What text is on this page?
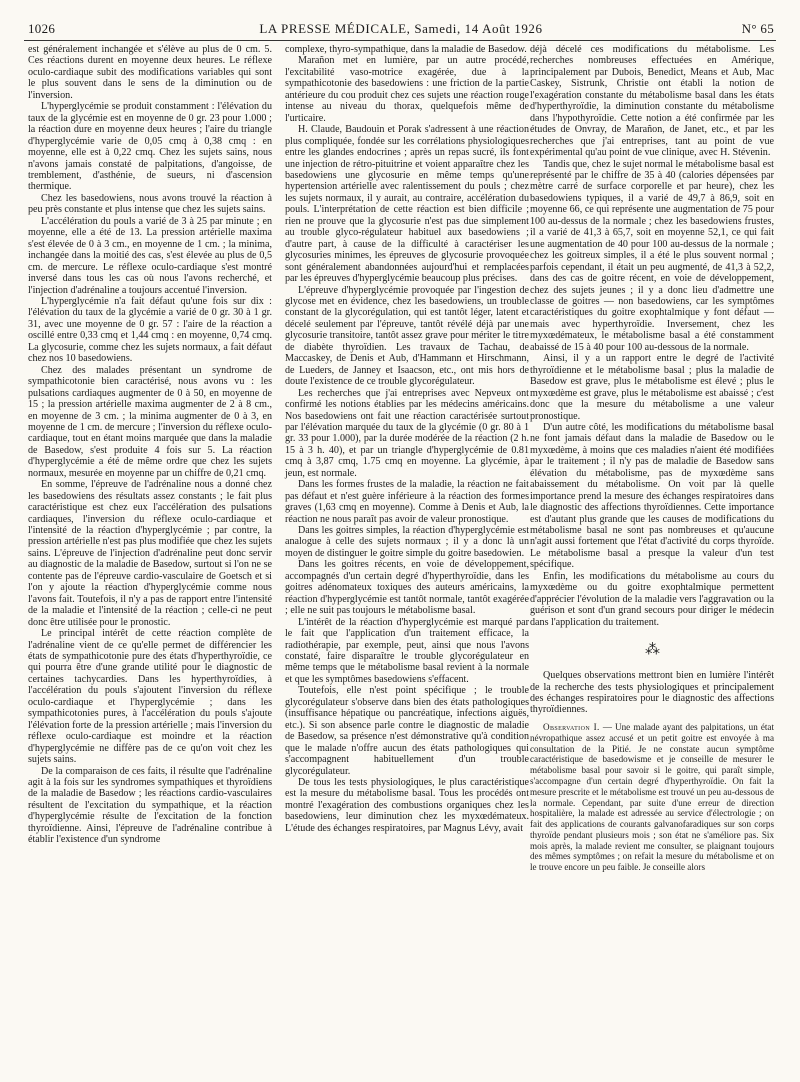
1026	LA PRESSE MÉDICALE, Samedi, 14 Août 1926	N° 65

est généralement inchangée et s'élève au plus de 0 cm. 5. Ces réactions durent en moyenne deux heures. Le réflexe oculo-cardiaque subit des modifications variables qui sont le plus souvent dans le sens de la diminution ou de l'inversion.

L'hyperglycémie se produit constamment : l'élévation du taux de la glycémie est en moyenne de 0 gr. 23 pour 1.000 ; la réaction dure en moyenne deux heures ; l'aire du triangle d'hyperglycémie varie de 0,05 cmq à 0,38 cmq : en moyenne, elle est à 0,22 cmq. Chez les sujets sains, nous n'avons jamais constaté de palpitations, d'angoisse, de tremblement, d'asthénie, de sueurs, ni d'ascension thermique.

Chez les basedowiens, nous avons trouvé la réaction à peu près constante et plus intense que chez les sujets sains.

L'accélération du pouls a varié de 3 à 25 par minute ; en moyenne, elle a été de 13. La pression artérielle maxima s'est élevée de 0 à 3 cm., en moyenne de 1 cm. ; la minima, inchangée dans la moitié des cas, s'est élevée au plus de 0,5 cm. de mercure. Le réflexe oculo-cardiaque s'est montré inversé dans tous les cas où nous l'avons recherché, et l'injection d'adrénaline a toujours accentué l'inversion.

L'hyperglycémie n'a fait défaut qu'une fois sur dix : l'élévation du taux de la glycémie a varié de 0 gr. 30 à 1 gr. 31, avec une moyenne de 0 gr. 57 : l'aire de la réaction a oscillé entre 0,33 cmq et 1,44 cmq : en moyenne, 0,74 cmq. La glycosurie, comme chez les sujets normaux, a fait défaut chez nos 10 basedowiens.

Chez des malades présentant un syndrome de sympathicotonie bien caractérisé, nous avons vu : les pulsations cardiaques augmenter de 0 à 50, en moyenne de 15 ; la pression artérielle maxima augmenter de 2 à 8 cm., en moyenne de 3 cm. ; la minima augmenter de 0 à 3, en moyenne de 1 cm. de mercure ; l'inversion du réflexe oculo-cardiaque, tout en étant moins marquée que dans la maladie de Basedow, s'est produite 4 fois sur 5. La réaction d'hyperglycémie a été de même ordre que chez les sujets normaux, mesurée en moyenne par un chiffre de 0,21 cmq.

En somme, l'épreuve de l'adrénaline nous a donné chez les basedowiens des résultats assez constants ; le fait plus caractéristique est chez eux l'accélération des pulsations cardiaques, l'inversion du réflexe oculo-cardiaque et l'intensité de la réaction d'hyperglycémie ; par contre, la pression artérielle n'est pas plus modifiée que chez les sujets sains. L'épreuve de l'injection d'adrénaline peut donc servir au diagnostic de la maladie de Basedow, surtout si l'on ne se contente pas de l'épreuve cardio-vasculaire de Goetsch et si l'on y ajoute la réaction d'hyperglycémie comme nous l'avons fait. Toutefois, il n'y a pas de rapport entre l'intensité de la maladie et l'intensité de la réaction ; celle-ci ne peut donc être utilisée pour le pronostic.

Le principal intérêt de cette réaction complète de l'adrénaline vient de ce qu'elle permet de différencier les états de sympathicotonie pure des états d'hyperthyroïdie, ce qui pourra être d'une grande utilité pour le diagnostic de certaines tachycardies. Dans les hyperthyroïdies, à l'accélération du pouls s'ajoutent l'inversion du réflexe oculo-cardiaque et l'hyperglycémie ; dans les sympathicotonies pures, à l'accélération du pouls s'ajoute l'élévation forte de la pression artérielle ; mais l'inversion du réflexe oculo-cardiaque est moindre et la réaction d'hyperglycémie ne diffère pas de ce qu'on voit chez les sujets sains.

De la comparaison de ces faits, il résulte que l'adrénaline agit à la fois sur les syndromes sympathiques et thyroïdiens de la maladie de Basedow ; les réactions cardio-vasculaires résultent de l'excitation du sympathique, et la réaction d'hyperglycémie résulte de l'excitation de la fonction thyroïdienne. Ainsi, l'épreuve de l'adrénaline contribue à établir l'existence d'un syndrome

complexe, thyro-sympathique, dans la maladie de Basedow.

Marañon met en lumière, par un autre procédé, l'excitabilité vaso-motrice exagérée, due à la sympathicotonie des basedowiens : une friction de la partie antérieure du cou produit chez ces sujets une réaction rouge intense au niveau du thorax, quelquefois même de l'urticaire.

H. Claude, Baudouin et Porak s'adressent à une réaction plus compliquée, fondée sur les corrélations physiologiques entre les glandes endocrines ; après un repas sucré, ils font une injection de rétro-pituitrine et voient apparaître chez les basedowiens une glycosurie en même temps qu'une hypertension artérielle avec ralentissement du pouls ; chez les sujets normaux, il y aurait, au contraire, accélération du pouls. L'interprétation de cette réaction est bien difficile ; rien ne prouve que la glycosurie n'est pas due simplement au trouble glyco-régulateur habituel aux basedowiens ; d'autre part, à cause de la difficulté à caractériser les glycosuries minimes, les épreuves de glycosurie provoquée sont généralement abandonnées aujourd'hui et remplacées par les épreuves d'hyperglycémie beaucoup plus précises.

L'épreuve d'hyperglycémie provoquée par l'ingestion de glycose met en évidence, chez les basedowiens, un trouble constant de la glycorégulation, qui est tantôt léger, latent et décelé seulement par l'épreuve, tantôt révélé déjà par une glycosurie transitoire, tantôt assez grave pour mériter le titre de diabète thyroïdien. Les travaux de Tachau, de Maccaskey, de Denis et Aub, d'Hammann et Hirschmann, de Lueders, de Janney et Isaacson, etc., ont mis hors de doute l'existence de ce trouble glycorégulateur.

Les recherches que j'ai entreprises avec Nepveux ont confirmé les notions établies par les médecins américains. Nos basedowiens ont fait une réaction caractérisée surtout par l'élévation marquée du taux de la glycémie (0 gr. 80 à 1 gr. 33 pour 1.000), par la durée modérée de la réaction (2 h. 15 à 3 h. 40), et par un triangle d'hyperglycémie de 0.81 cmq à 3,87 cmq, 1.75 cmq en moyenne. La glycémie, à jeun, est normale.

Dans les formes frustes de la maladie, la réaction ne fait pas défaut et n'est guère inférieure à la réaction des formes graves (1,63 cmq en moyenne). Comme à Denis et Aub, la réaction ne nous paraît pas avoir de valeur pronostique.

Dans les goitres simples, la réaction d'hyperglycémie est analogue à celle des sujets normaux ; il y a donc là un moyen de distinguer le goitre simple du goitre basedowien.

Dans les goitres récents, en voie de développement, accompagnés d'un certain degré d'hyperthyroïdie, dans les goitres adénomateux toxiques des auteurs américains, la réaction d'hyperglycémie est tantôt normale, tantôt exagérée ; elle ne suit pas toujours le métabolisme basal.

L'intérêt de la réaction d'hyperglycémie est marqué par le fait que l'application d'un traitement efficace, la radiothérapie, par exemple, peut, ainsi que nous l'avons constaté, faire disparaître le trouble glycorégulateur en même temps que le métabolisme basal revient à la normale et que les symptômes basedowiens s'effacent.

Toutefois, elle n'est point spécifique ; le trouble glycorégulateur s'observe dans bien des états pathologiques (insuffisance hépatique ou pancréatique, infections aiguës, etc.). Si son absence parle contre le diagnostic de maladie de Basedow, sa présence n'est démonstrative qu'à condition que le malade n'offre aucun des états pathologiques qui s'accompagnent habituellement d'un trouble glycorégulateur.

De tous les tests physiologiques, le plus caractéristique est la mesure du métabolisme basal. Tous les procédés ont montré l'exagération des combustions organiques chez les basedowiens, leur diminution chez les myxœdémateux. L'étude des échanges respiratoires, par Magnus Lévy, avait

déjà décelé ces modifications du métabolisme. Les recherches nombreuses effectuées en Amérique, principalement par Dubois, Benedict, Means et Aub, Mac Caskey, Sistrunk, Christie ont établi la notion de l'exagération constante du métabolisme basal dans les états d'hyperthyroïdie, la diminution constante du métabolisme dans l'hypothyroïdie. Cette notion a été confirmée par les études de Onvray, de Marañon, de Janet, etc., et par les recherches que j'ai entreprises, tant au point de vue expérimental qu'au point de vue clinique, avec H. Stévenin.

Tandis que, chez le sujet normal le métabolisme basal est représenté par le chiffre de 35 à 40 (calories dépensées par mètre carré de surface corporelle et par heure), chez les basedowiens typiques, il a varié de 49,7 à 86,9, soit en moyenne 66, ce qui représente une augmentation de 75 pour 100 au-dessus de la normale ; chez les basedowiens frustes, il a varié de 41,3 à 65,7, soit en moyenne 52,1, ce qui fait une augmentation de 40 pour 100 au-dessus de la normale ; chez les goitreux simples, il a été le plus souvent normal ; parfois cependant, il était un peu augmenté, de 41,3 à 52,2, dans des cas de goitre récent, en voie de développement, chez des sujets jeunes ; il y a donc lieu d'admettre une classe de goitres — non basedowiens, car les symptômes caractéristiques du goitre exophtalmique y font défaut — mais avec hyperthyroïdie. Inversement, chez les myxœdémateux, le métabolisme basal a été constamment abaissé de 15 à 40 pour 100 au-dessous de la normale.

Ainsi, il y a un rapport entre le degré de l'activité thyroïdienne et le métabolisme basal ; plus la maladie de Basedow est grave, plus le métabolisme est élevé ; plus le myxœdème est grave, plus le métabolisme est abaissé ; c'est donc que la mesure du métabolisme a une valeur pronostique.

D'un autre côté, les modifications du métabolisme basal ne font jamais défaut dans la maladie de Basedow ou le myxœdème, à moins que ces maladies n'aient été modifiées par le traitement ; il n'y pas de maladie de Basedow sans élévation du métabolisme, pas de myxœdème sans abaissement du métabolisme. On voit par là quelle importance prend la mesure des échanges respiratoires dans le diagnostic des affections thyroïdiennes. Cette importance est d'autant plus grande que les causes de modifications du métabolisme basal ne sont pas nombreuses et qu'aucune n'agit aussi fortement que l'état d'activité du corps thyroïde. Le métabolisme basal a presque la valeur d'un test spécifique.

Enfin, les modifications du métabolisme au cours du myxœdème ou du goitre exophtalmique permettent d'apprécier l'évolution de la maladie vers l'aggravation ou la guérison et sont d'un grand secours pour diriger le médecin dans l'application du traitement.

⁂

Quelques observations mettront bien en lumière l'intérêt de la recherche des tests physiologiques et principalement des échanges respiratoires pour le diagnostic des affections thyroïdiennes.

Observation I. — Une malade ayant des palpitations, un état névropathique assez accusé et un petit goitre est envoyée à ma consultation de la Pitié. Je ne constate aucun symptôme caractéristique de basedowisme et je conseille de mesurer le métabolisme basal pour savoir si le goitre, qui paraît simple, s'accompagne d'un certain degré d'hyperthyroïdie. On fait la mesure prescrite et le métabolisme est trouvé un peu au-dessous de la normale. Cependant, par suite d'une erreur de direction hospitalière, la malade est adressée au service d'électrologie ; on fait des applications de courants galvanofaradiques sur son corps thyroïde pendant plusieurs mois ; son état ne s'améliore pas. Six mois après, la malade revient me consulter, se plaignant toujours des mêmes symptômes ; on refait la mesure du métabolisme et on le trouve encore un peu faible. Je conseille alors
